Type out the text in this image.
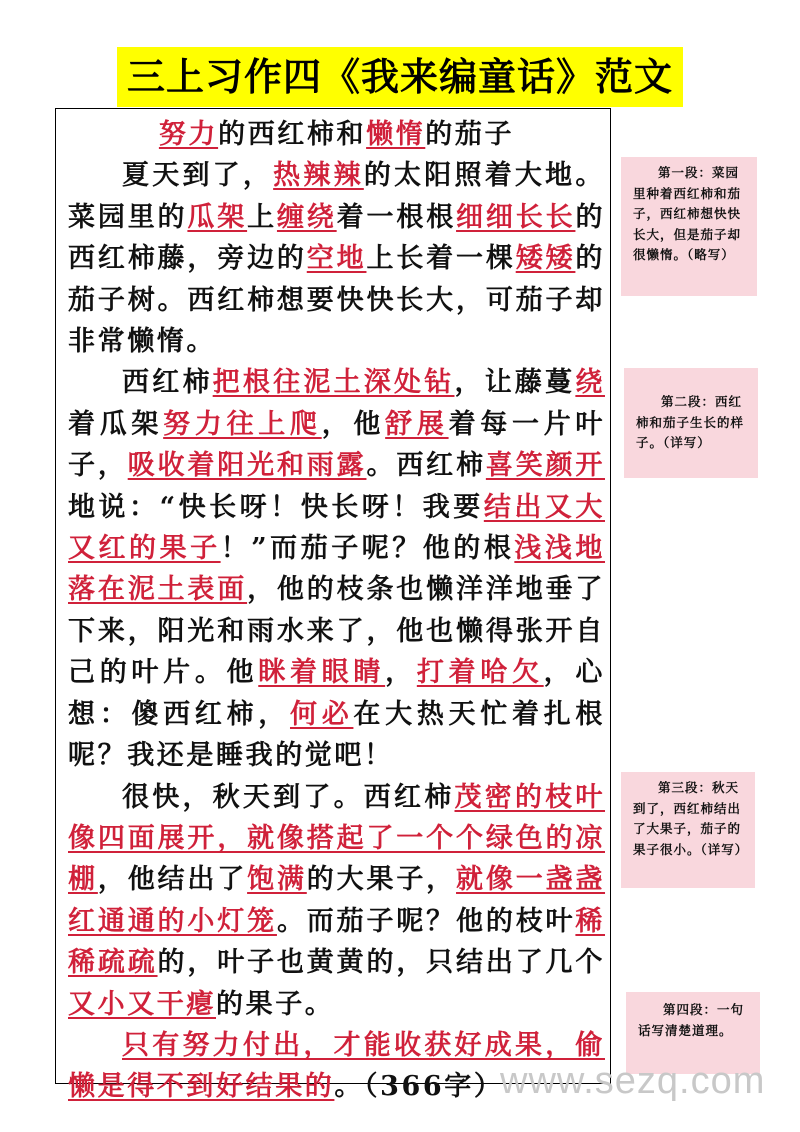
三上习作四《我来编童话》范文

努力的西红柿和懒惰的茄子

夏天到了，热辣辣的太阳照着大地。菜园里的瓜架上缠绕着一根根细细长长的西红柿藤，旁边的空地上长着一棵矮矮的茄子树。西红柿想要快快长大，可茄子却非常懒惰。

西红柿把根往泥土深处钻，让藤蔓绕着瓜架努力往上爬，他舒展着每一片叶子，吸收着阳光和雨露。西红柿喜笑颜开地说：“快长呀！快长呀！我要结出又大又红的果子！”而茄子呢？他的根浅浅地落在泥土表面，他的枝条也懒洋洋地垂了下来，阳光和雨水来了，他也懒得张开自己的叶片。他眯着眼睛，打着哈欠，心想：傻西红柿，何必在大热天忙着扎根呢？我还是睡我的觉吧！

很快，秋天到了。西红柿茂密的枝叶像四面展开，就像搭起了一个个绿色的凉棚，他结出了饱满的大果子，就像一盏盏红通通的小灯笼。而茄子呢？他的枝叶稀稀疏疏的，叶子也黄黄的，只结出了几个又小又干瘪的果子。

只有努力付出，才能收获好成果，偷懒是得不到好结果的。（366字）

第一段：菜园里种着西红柿和茄子，西红柿想快快长大，但是茄子却很懒惰。（略写）
第二段：西红柿和茄子生长的样子。（详写）
第三段：秋天到了，西红柿结出了大果子，茄子的果子很小。（详写）
第四段：一句话写清楚道理。
www.sezq.com
